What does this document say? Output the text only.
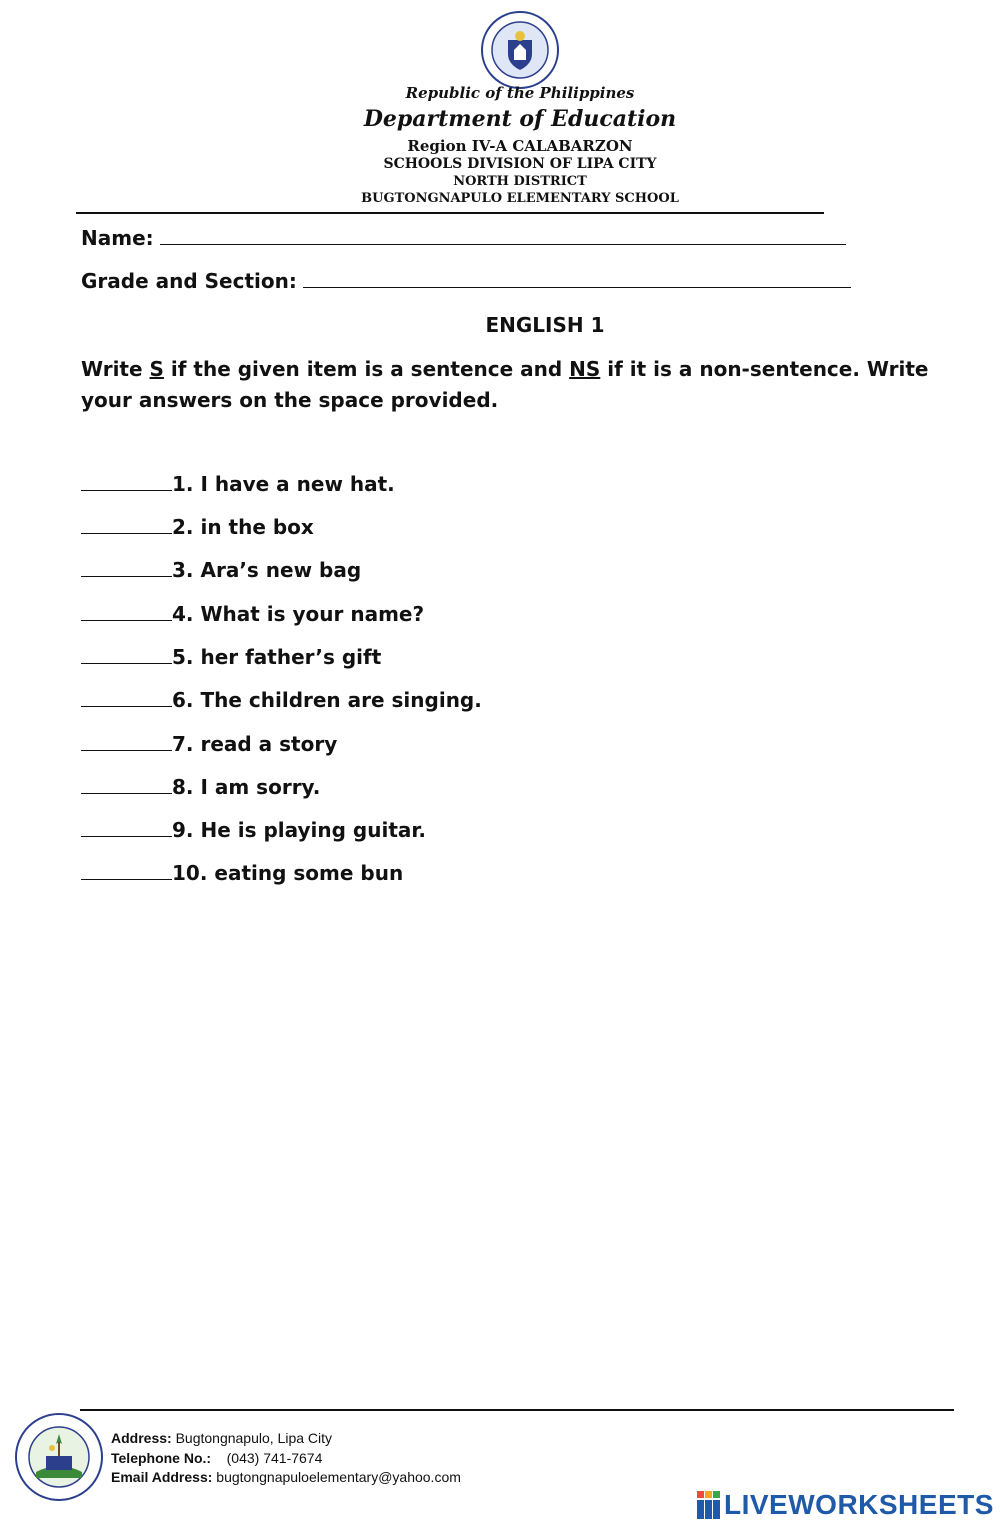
Republic of the Philippines
Department of Education
Region IV-A CALABARZON
SCHOOLS DIVISION OF LIPA CITY
NORTH DISTRICT
BUGTONGNAPULO ELEMENTARY SCHOOL
Name:
Grade and Section:
ENGLISH 1
Write S if the given item is a sentence and NS if it is a non-sentence. Write your answers on the space provided.
1. I have a new hat.
2. in the box
3. Ara’s new bag
4. What is your name?
5. her father’s gift
6. The children are singing.
7. read a story
8. I am sorry.
9. He is playing guitar.
10. eating some bun
Address: Bugtongnapulo, Lipa City
Telephone No.: (043) 741-7674
Email Address: bugtongnapuloelementary@yahoo.com
LIVEWORKSHEETS
